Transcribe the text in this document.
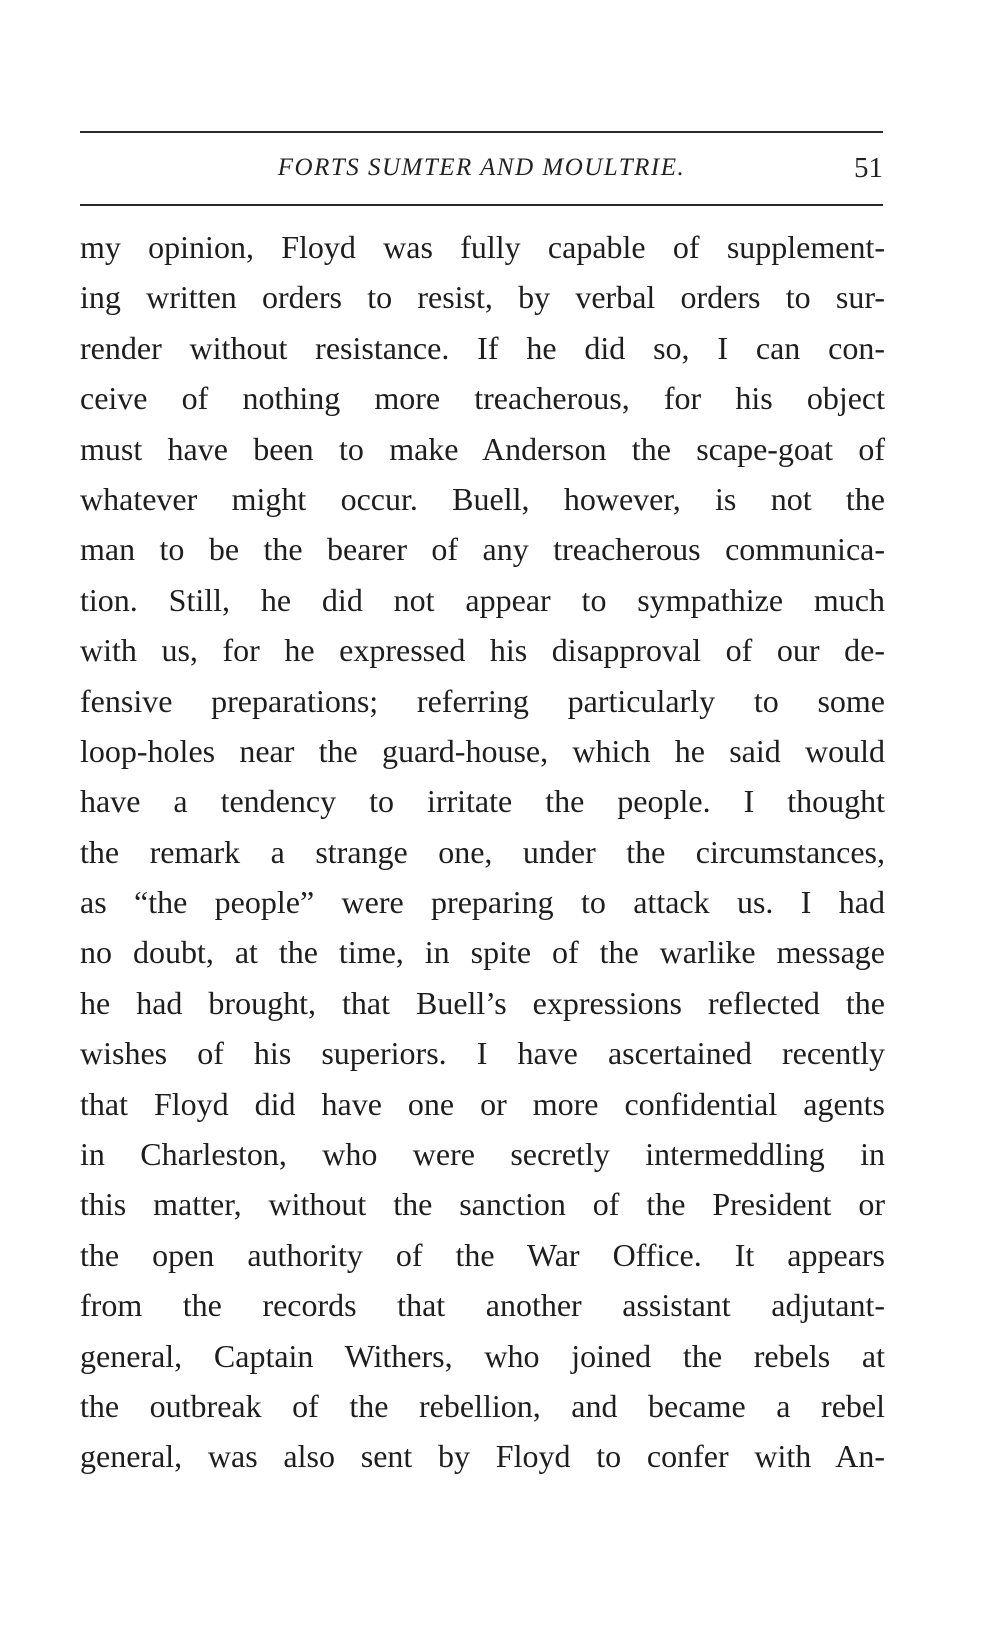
FORTS SUMTER AND MOULTRIE.	51
my opinion, Floyd was fully capable of supplement-
ing written orders to resist, by verbal orders to sur-
render without resistance. If he did so, I can con-
ceive of nothing more treacherous, for his object
must have been to make Anderson the scape-goat of
whatever might occur. Buell, however, is not the
man to be the bearer of any treacherous communica-
tion. Still, he did not appear to sympathize much
with us, for he expressed his disapproval of our de-
fensive preparations; referring particularly to some
loop-holes near the guard-house, which he said would
have a tendency to irritate the people. I thought
the remark a strange one, under the circumstances,
as “the people” were preparing to attack us. I had
no doubt, at the time, in spite of the warlike message
he had brought, that Buell’s expressions reflected the
wishes of his superiors. I have ascertained recently
that Floyd did have one or more confidential agents
in Charleston, who were secretly intermeddling in
this matter, without the sanction of the President or
the open authority of the War Office. It appears
from the records that another assistant adjutant-
general, Captain Withers, who joined the rebels at
the outbreak of the rebellion, and became a rebel
general, was also sent by Floyd to confer with An-
